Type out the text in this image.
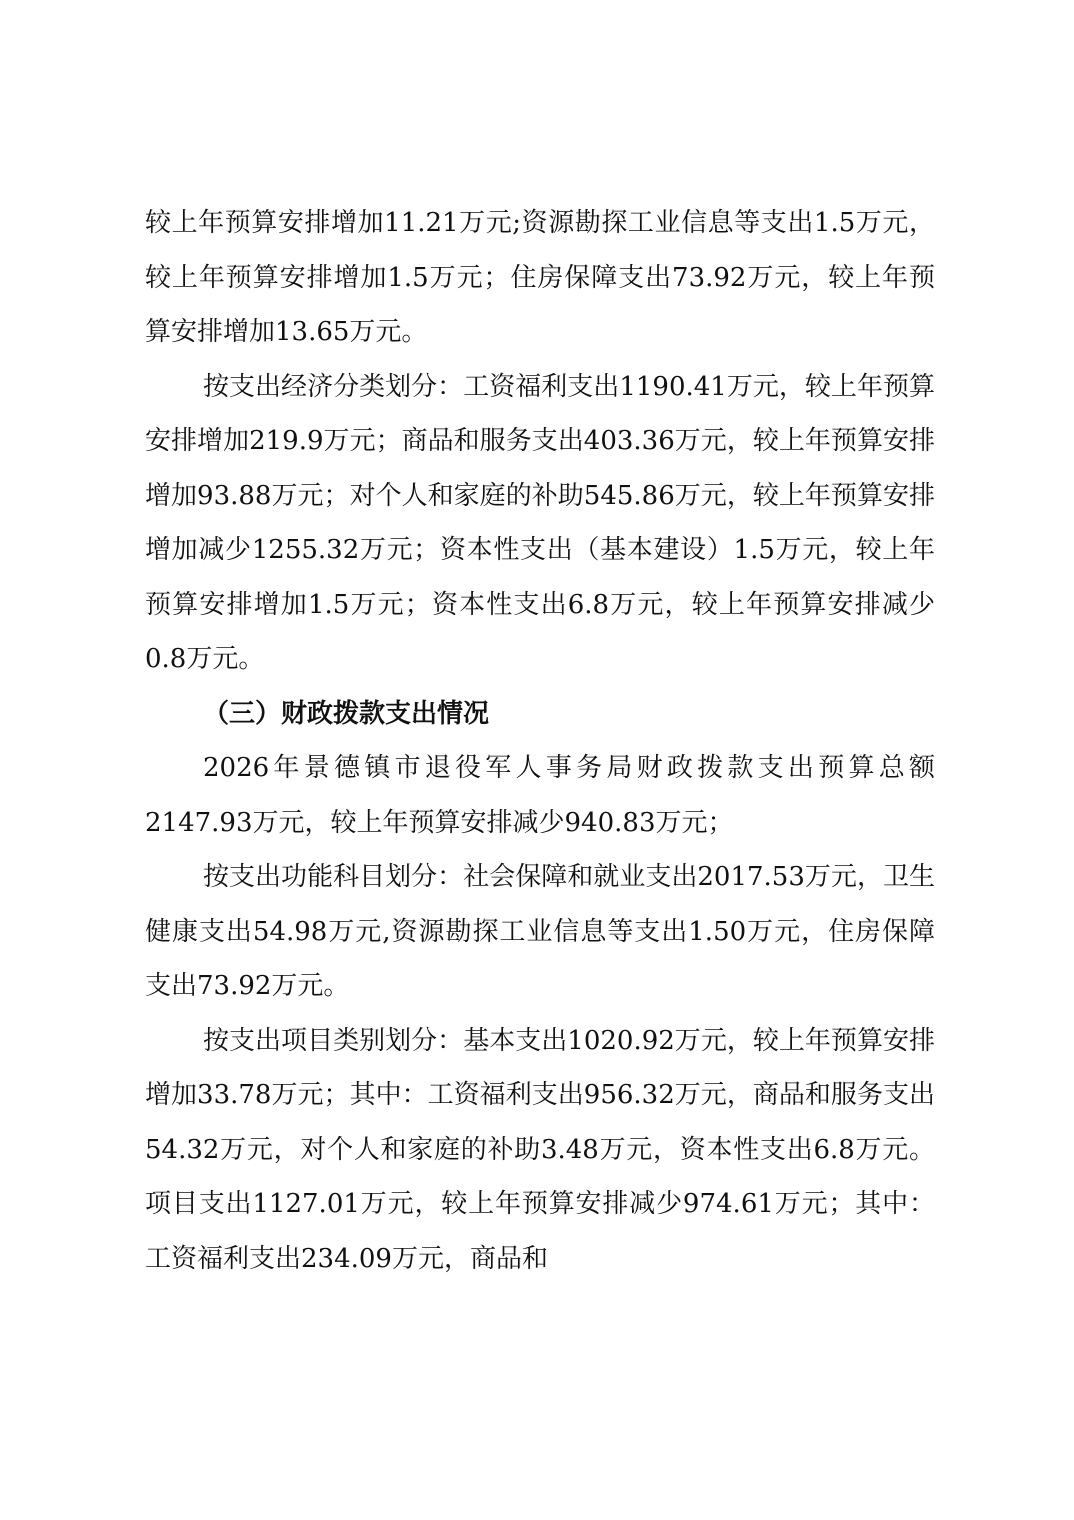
较上年预算安排增加11.21万元;资源勘探工业信息等支出1.5万元，较上年预算安排增加1.5万元；住房保障支出73.92万元，较上年预算安排增加13.65万元。

按支出经济分类划分：工资福利支出1190.41万元，较上年预算安排增加219.9万元；商品和服务支出403.36万元，较上年预算安排增加93.88万元；对个人和家庭的补助545.86万元，较上年预算安排增加减少1255.32万元；资本性支出（基本建设）1.5万元，较上年预算安排增加1.5万元；资本性支出6.8万元，较上年预算安排减少0.8万元。

（三）财政拨款支出情况

2026年景德镇市退役军人事务局财政拨款支出预算总额2147.93万元，较上年预算安排减少940.83万元；

按支出功能科目划分：社会保障和就业支出2017.53万元，卫生健康支出54.98万元,资源勘探工业信息等支出1.50万元，住房保障支出73.92万元。

按支出项目类别划分：基本支出1020.92万元，较上年预算安排增加33.78万元；其中：工资福利支出956.32万元，商品和服务支出54.32万元，对个人和家庭的补助3.48万元，资本性支出6.8万元。项目支出1127.01万元，较上年预算安排减少974.61万元；其中：工资福利支出234.09万元，商品和
